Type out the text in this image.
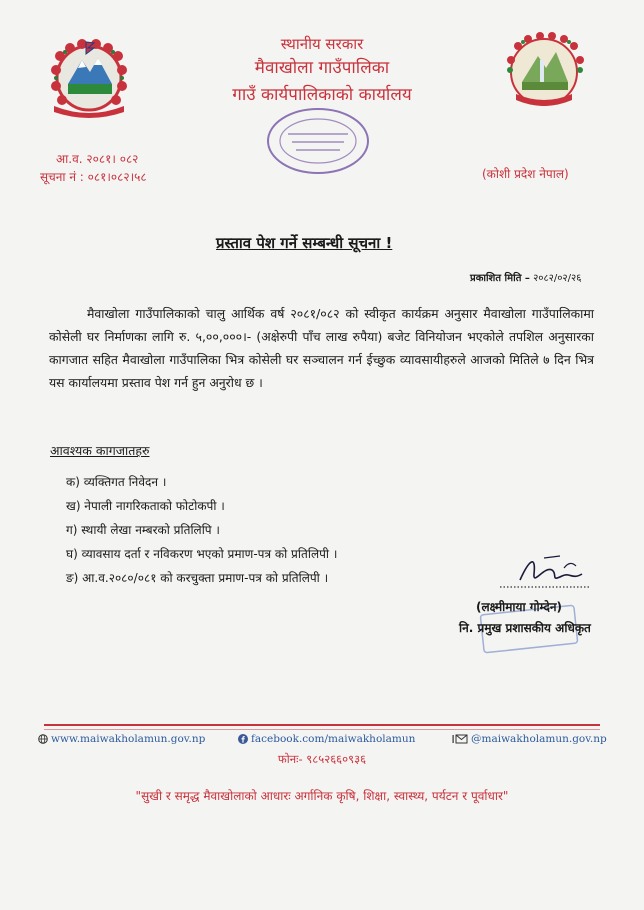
स्थानीय सरकार
मैवाखोला गाउँपालिका
गाउँ कार्यपालिकाको कार्यालय
आ.व. २०८१। ०८२
सूचना नं : ०८१।०८२।५८	(कोशी प्रदेश नेपाल)
प्रस्ताव पेश गर्ने सम्बन्धी सूचना !
प्रकाशित मिति – २०८२/०२/२६
मैवाखोला गाउँपालिकाको चालु आर्थिक वर्ष २०८१/०८२ को स्वीकृत कार्यक्रम अनुसार मैवाखोला गाउँपालिकामा कोसेली घर निर्माणका लागि रु. ५,००,०००।- (अक्षेरुपी पाँच लाख रुपैया) बजेट विनियोजन भएकोले तपशिल अनुसारका कागजात सहित मैवाखोला गाउँपालिका भित्र कोसेली घर सञ्चालन गर्न ईच्छुक व्यावसायीहरुले आजको मितिले ७ दिन भित्र यस कार्यालयमा प्रस्ताव पेश गर्न हुन अनुरोध छ ।
आवश्यक कागजातहरु
क) व्यक्तिगत निवेदन ।
ख) नेपाली नागरिकताको फोटोकपी ।
ग) स्थायी लेखा नम्बरको प्रतिलिपि ।
घ) व्यावसाय दर्ता र नविकरण भएको प्रमाण-पत्र को प्रतिलिपी ।
ङ) आ.व.२०८०/०८१ को करचुक्ता प्रमाण-पत्र को प्रतिलिपी ।
(लक्ष्मीमाया गोम्देन)
नि. प्रमुख प्रशासकीय अधिकृत
www.maiwakholamun.gov.np	facebook.com/maiwakholamun	@maiwakholamun.gov.np
फोनः- ९८५२६६०९३६
"सुखी र समृद्ध मैवाखोलाको आधारः अर्गानिक कृषि, शिक्षा, स्वास्थ्य, पर्यटन र पूर्वाधार"
